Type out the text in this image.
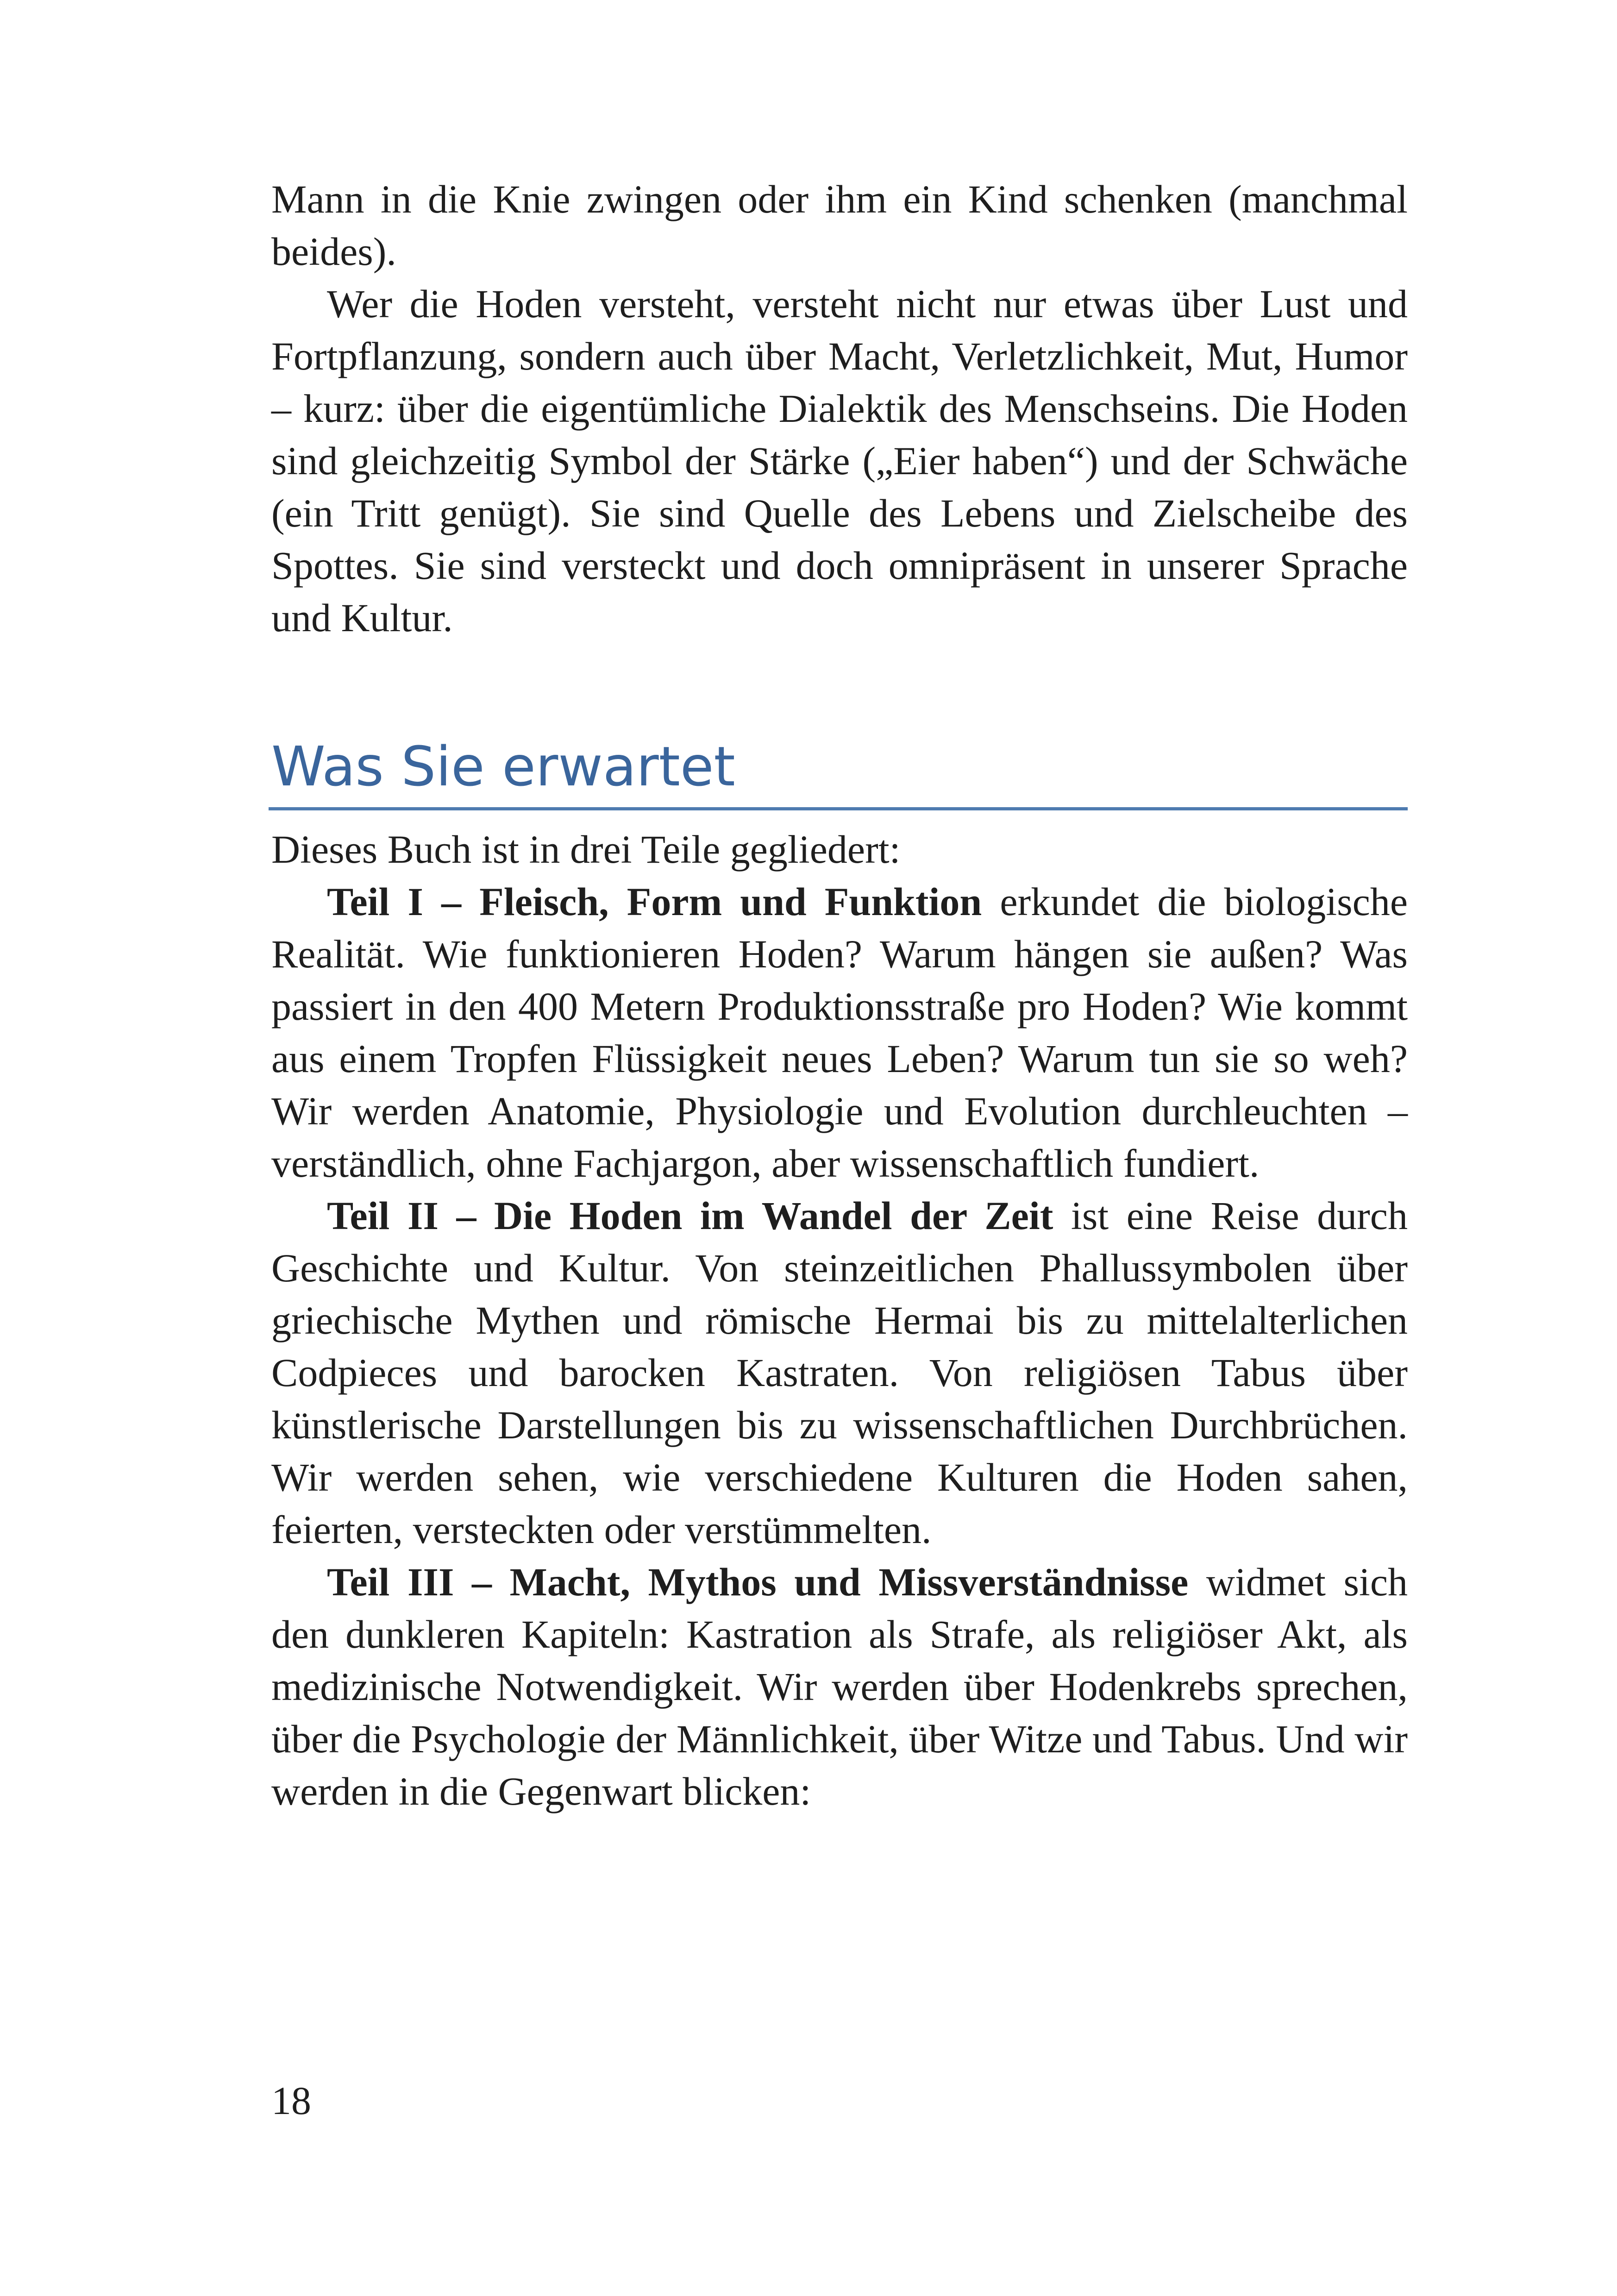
Mann in die Knie zwingen oder ihm ein Kind schenken (manchmal beides).

Wer die Hoden versteht, versteht nicht nur etwas über Lust und Fortpflanzung, sondern auch über Macht, Verletzlichkeit, Mut, Humor – kurz: über die eigentümliche Dialektik des Menschseins. Die Hoden sind gleichzeitig Symbol der Stärke („Eier haben“) und der Schwäche (ein Tritt genügt). Sie sind Quelle des Lebens und Zielscheibe des Spottes. Sie sind versteckt und doch omnipräsent in unserer Sprache und Kultur.

Was Sie erwartet

Dieses Buch ist in drei Teile gegliedert:

Teil I – Fleisch, Form und Funktion erkundet die biologische Realität. Wie funktionieren Hoden? Warum hängen sie außen? Was passiert in den 400 Metern Produktionsstraße pro Hoden? Wie kommt aus einem Tropfen Flüssigkeit neues Leben? Warum tun sie so weh? Wir werden Anatomie, Physiologie und Evolution durchleuchten – verständlich, ohne Fachjargon, aber wissenschaftlich fundiert.

Teil II – Die Hoden im Wandel der Zeit ist eine Reise durch Geschichte und Kultur. Von steinzeitlichen Phallussymbolen über griechische Mythen und römische Hermai bis zu mittelalterlichen Codpieces und barocken Kastraten. Von religiösen Tabus über künstlerische Darstellungen bis zu wissenschaftlichen Durchbrüchen. Wir werden sehen, wie verschiedene Kulturen die Hoden sahen, feierten, versteckten oder verstümmelten.

Teil III – Macht, Mythos und Missverständnisse widmet sich den dunkleren Kapiteln: Kastration als Strafe, als religiöser Akt, als medizinische Notwendigkeit. Wir werden über Hodenkrebs sprechen, über die Psychologie der Männlichkeit, über Witze und Tabus. Und wir werden in die Gegenwart blicken:

18
